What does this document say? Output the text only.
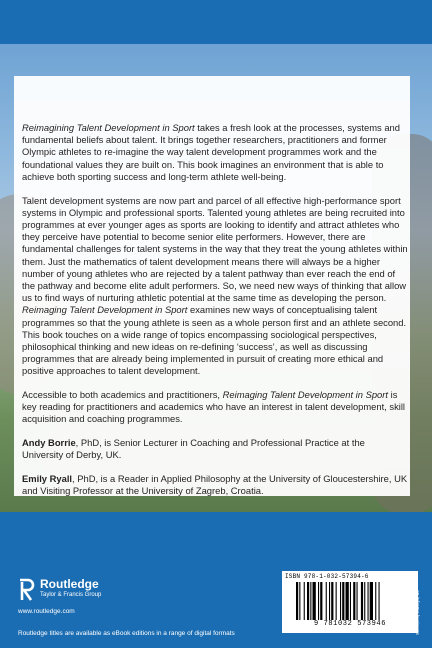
Reimagining Talent Development in Sport takes a fresh look at the processes, systems and fundamental beliefs about talent. It brings together researchers, practitioners and former Olympic athletes to re-imagine the way talent development programmes work and the foundational values they are built on. This book imagines an environment that is able to achieve both sporting success and long-term athlete well-being.

Talent development systems are now part and parcel of all effective high-performance sport systems in Olympic and professional sports. Talented young athletes are being recruited into programmes at ever younger ages as sports are looking to identify and attract athletes who they perceive have potential to become senior elite performers. However, there are fundamental challenges for talent systems in the way that they treat the young athletes within them. Just the mathematics of talent development means there will always be a higher number of young athletes who are rejected by a talent pathway than ever reach the end of the pathway and become elite adult performers. So, we need new ways of thinking that allow us to find ways of nurturing athletic potential at the same time as developing the person. Reimaging Talent Development in Sport examines new ways of conceptualising talent programmes so that the young athlete is seen as a whole person first and an athlete second. This book touches on a wide range of topics encompassing sociological perspectives, philosophical thinking and new ideas on re-defining ‘success’, as well as discussing programmes that are already being implemented in pursuit of creating more ethical and positive approaches to talent development.

Accessible to both academics and practitioners, Reimaging Talent Development in Sport is key reading for practitioners and academics who have an interest in talent development, skill acquisition and coaching programmes.

Andy Borrie, PhD, is Senior Lecturer in Coaching and Professional Practice at the University of Derby, UK.

Emily Ryall, PhD, is a Reader in Applied Philosophy at the University of Gloucestershire, UK and Visiting Professor at the University of Zagreb, Croatia.

Routledge
Taylor & Francis Group
www.routledge.com
Routledge titles are available as eBook editions in a range of digital formats
ISBN 978-1-032-57394-6
9 781032 573946	an informa business
